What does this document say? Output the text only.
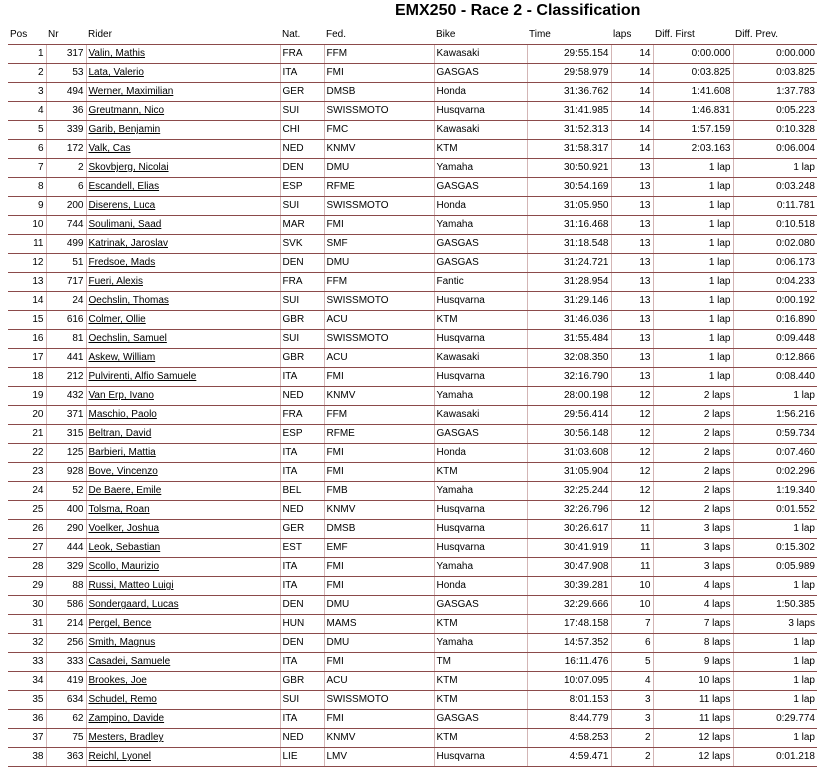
EMX250 - Race 2 - Classification
Pos	Nr	Rider	Nat.	Fed.	Bike	Time	laps	Diff. First	Diff. Prev.
1	317	Valin, Mathis	FRA	FFM	Kawasaki	29:55.154	14	0:00.000	0:00.000
2	53	Lata, Valerio	ITA	FMI	GASGAS	29:58.979	14	0:03.825	0:03.825
3	494	Werner, Maximilian	GER	DMSB	Honda	31:36.762	14	1:41.608	1:37.783
4	36	Greutmann, Nico	SUI	SWISSMOTO	Husqvarna	31:41.985	14	1:46.831	0:05.223
5	339	Garib, Benjamin	CHI	FMC	Kawasaki	31:52.313	14	1:57.159	0:10.328
6	172	Valk, Cas	NED	KNMV	KTM	31:58.317	14	2:03.163	0:06.004
7	2	Skovbjerg, Nicolai	DEN	DMU	Yamaha	30:50.921	13	1 lap	1 lap
8	6	Escandell, Elias	ESP	RFME	GASGAS	30:54.169	13	1 lap	0:03.248
9	200	Diserens, Luca	SUI	SWISSMOTO	Honda	31:05.950	13	1 lap	0:11.781
10	744	Soulimani, Saad	MAR	FMI	Yamaha	31:16.468	13	1 lap	0:10.518
11	499	Katrinak, Jaroslav	SVK	SMF	GASGAS	31:18.548	13	1 lap	0:02.080
12	51	Fredsoe, Mads	DEN	DMU	GASGAS	31:24.721	13	1 lap	0:06.173
13	717	Fueri, Alexis	FRA	FFM	Fantic	31:28.954	13	1 lap	0:04.233
14	24	Oechslin, Thomas	SUI	SWISSMOTO	Husqvarna	31:29.146	13	1 lap	0:00.192
15	616	Colmer, Ollie	GBR	ACU	KTM	31:46.036	13	1 lap	0:16.890
16	81	Oechslin, Samuel	SUI	SWISSMOTO	Husqvarna	31:55.484	13	1 lap	0:09.448
17	441	Askew, William	GBR	ACU	Kawasaki	32:08.350	13	1 lap	0:12.866
18	212	Pulvirenti, Alfio Samuele	ITA	FMI	Husqvarna	32:16.790	13	1 lap	0:08.440
19	432	Van Erp, Ivano	NED	KNMV	Yamaha	28:00.198	12	2 laps	1 lap
20	371	Maschio, Paolo	FRA	FFM	Kawasaki	29:56.414	12	2 laps	1:56.216
21	315	Beltran, David	ESP	RFME	GASGAS	30:56.148	12	2 laps	0:59.734
22	125	Barbieri, Mattia	ITA	FMI	Honda	31:03.608	12	2 laps	0:07.460
23	928	Bove, Vincenzo	ITA	FMI	KTM	31:05.904	12	2 laps	0:02.296
24	52	De Baere, Emile	BEL	FMB	Yamaha	32:25.244	12	2 laps	1:19.340
25	400	Tolsma, Roan	NED	KNMV	Husqvarna	32:26.796	12	2 laps	0:01.552
26	290	Voelker, Joshua	GER	DMSB	Husqvarna	30:26.617	11	3 laps	1 lap
27	444	Leok, Sebastian	EST	EMF	Husqvarna	30:41.919	11	3 laps	0:15.302
28	329	Scollo, Maurizio	ITA	FMI	Yamaha	30:47.908	11	3 laps	0:05.989
29	88	Russi, Matteo Luigi	ITA	FMI	Honda	30:39.281	10	4 laps	1 lap
30	586	Sondergaard, Lucas	DEN	DMU	GASGAS	32:29.666	10	4 laps	1:50.385
31	214	Pergel, Bence	HUN	MAMS	KTM	17:48.158	7	7 laps	3 laps
32	256	Smith, Magnus	DEN	DMU	Yamaha	14:57.352	6	8 laps	1 lap
33	333	Casadei, Samuele	ITA	FMI	TM	16:11.476	5	9 laps	1 lap
34	419	Brookes, Joe	GBR	ACU	KTM	10:07.095	4	10 laps	1 lap
35	634	Schudel, Remo	SUI	SWISSMOTO	KTM	8:01.153	3	11 laps	1 lap
36	62	Zampino, Davide	ITA	FMI	GASGAS	8:44.779	3	11 laps	0:29.774
37	75	Mesters, Bradley	NED	KNMV	KTM	4:58.253	2	12 laps	1 lap
38	363	Reichl, Lyonel	LIE	LMV	Husqvarna	4:59.471	2	12 laps	0:01.218
